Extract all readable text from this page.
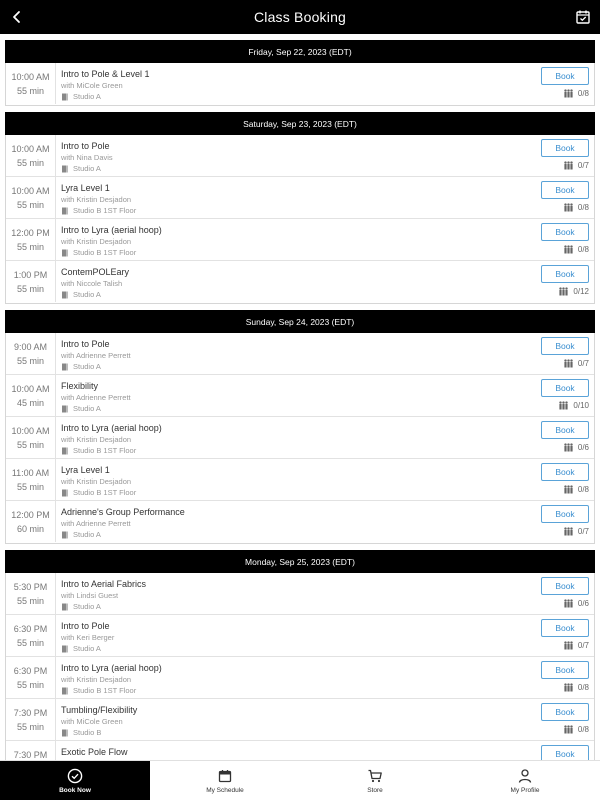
Class Booking
Friday, Sep 22, 2023 (EDT)
10:00 AM
55 min
Intro to Pole & Level 1
with MiCole Green
Studio A
Book
0/8
Saturday, Sep 23, 2023 (EDT)
10:00 AM
55 min
Intro to Pole
with Nina Davis
Studio A
Book
0/7
10:00 AM
55 min
Lyra Level 1
with Kristin Desjadon
Studio B 1ST Floor
Book
0/8
12:00 PM
55 min
Intro to Lyra (aerial hoop)
with Kristin Desjadon
Studio B 1ST Floor
Book
0/8
1:00 PM
55 min
ContemPOLEary
with Niccole Talish
Studio A
Book
0/12
Sunday, Sep 24, 2023 (EDT)
9:00 AM
55 min
Intro to Pole
with Adrienne Perrett
Studio A
Book
0/7
10:00 AM
45 min
Flexibility
with Adrienne Perrett
Studio A
Book
0/10
10:00 AM
55 min
Intro to Lyra (aerial hoop)
with Kristin Desjadon
Studio B 1ST Floor
Book
0/6
11:00 AM
55 min
Lyra Level 1
with Kristin Desjadon
Studio B 1ST Floor
Book
0/8
12:00 PM
60 min
Adrienne's Group Performance
with Adrienne Perrett
Studio A
Book
0/7
Monday, Sep 25, 2023 (EDT)
5:30 PM
55 min
Intro to Aerial Fabrics
with Lindsi Guest
Studio A
Book
0/6
6:30 PM
55 min
Intro to Pole
with Keri Berger
Studio A
Book
0/7
6:30 PM
55 min
Intro to Lyra (aerial hoop)
with Kristin Desjadon
Studio B 1ST Floor
Book
0/8
7:30 PM
55 min
Tumbling/Flexibility
with MiCole Green
Studio B
Book
0/8
7:30 PM	Exotic Pole Flow	Book
Book Now	My Schedule	Store	My Profile
